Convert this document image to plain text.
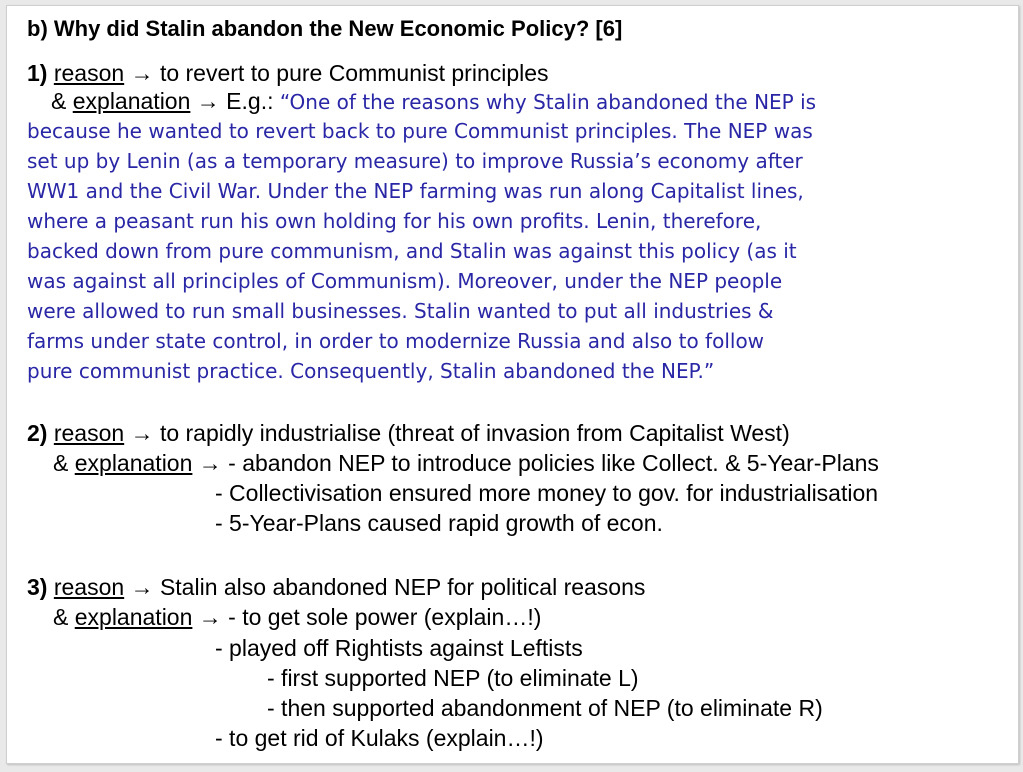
b) Why did Stalin abandon the New Economic Policy? [6]
1) reason → to revert to pure Communist principles
& explanation → E.g.: “One of the reasons why Stalin abandoned the NEP is
because he wanted to revert back to pure Communist principles. The NEP was
set up by Lenin (as a temporary measure) to improve Russia’s economy after
WW1 and the Civil War. Under the NEP farming was run along Capitalist lines,
where a peasant run his own holding for his own profits. Lenin, therefore,
backed down from pure communism, and Stalin was against this policy (as it
was against all principles of Communism). Moreover, under the NEP people
were allowed to run small businesses. Stalin wanted to put all industries &
farms under state control, in order to modernize Russia and also to follow
pure communist practice. Consequently, Stalin abandoned the NEP.”
2) reason → to rapidly industrialise (threat of invasion from Capitalist West)
& explanation → - abandon NEP to introduce policies like Collect. & 5-Year-Plans
- Collectivisation ensured more money to gov. for industrialisation
- 5-Year-Plans caused rapid growth of econ.
3) reason → Stalin also abandoned NEP for political reasons
& explanation → - to get sole power (explain…!)
- played off Rightists against Leftists
- first supported NEP (to eliminate L)
- then supported abandonment of NEP (to eliminate R)
- to get rid of Kulaks (explain…!)
